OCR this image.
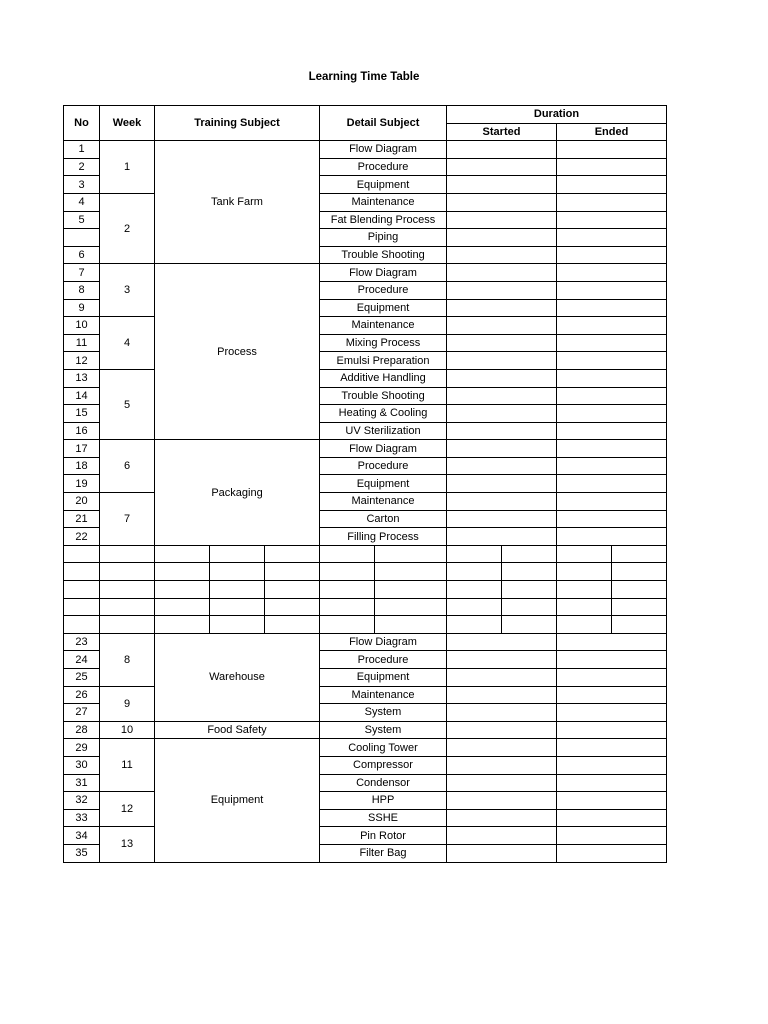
Learning Time Table
No	Week	Training Subject			Detail Subject		Duration			
							Started		Ended	
1	1	Tank Farm			Flow Diagram					
2					Procedure					
3					Equipment					
4	2				Maintenance					
5					Fat Blending Process					
					Piping					
6					Trouble Shooting					
7	3	Process			Flow Diagram					
8					Procedure					
9					Equipment					
10	4				Maintenance					
11					Mixing Process					
12					Emulsi Preparation					
13	5				Additive Handling					
14					Trouble Shooting					
15					Heating & Cooling					
16					UV Sterilization					
17	6	Packaging			Flow Diagram					
18					Procedure					
19					Equipment					
20	7				Maintenance					
21					Carton					
22					Filling Process					

23	8	Warehouse			Flow Diagram					
24					Procedure					
25					Equipment					
26	9				Maintenance					
27					System					
28	10	Food Safety			System					
29	11	Equipment			Cooling Tower					
30					Compressor					
31					Condensor					
32	12				HPP					
33					SSHE					
34	13				Pin Rotor					
35					Filter Bag					
